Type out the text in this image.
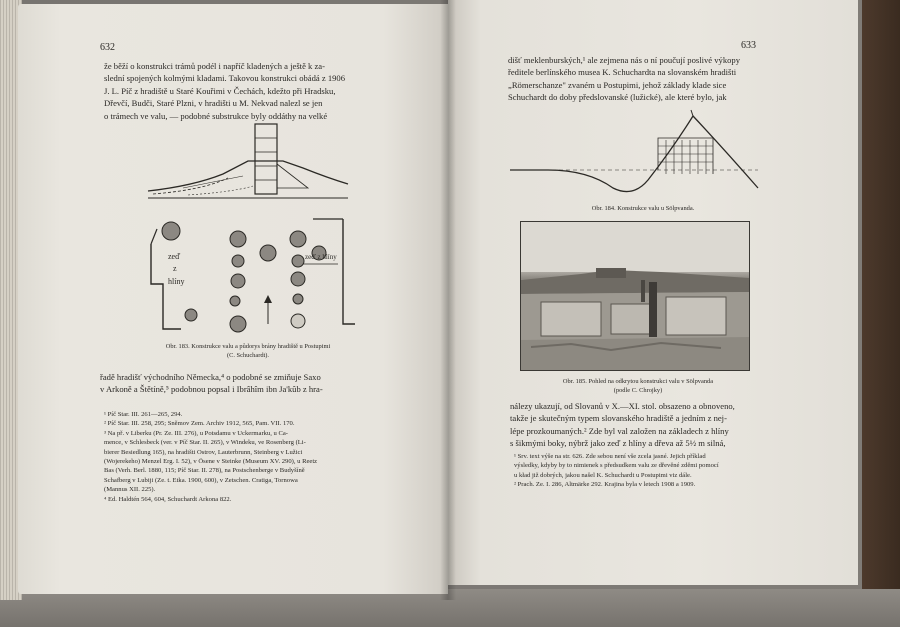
632
že běží o konstrukci trámů podél i napříč kladených a ještě k za-
slední spojených kolmými kladami. Takovou konstrukci obádá z 1906
J. L. Píč z hradiště u Staré Kouřimi v Čechách, kdežto při Hradsku,
Dřevčí, Budči, Staré Plzni, v hradišti u M. Nekvad nalezl se jen
o trámech ve valu, — podobné substrukce byly oddáthy na velké
zeď
z
hlíny
zeď z hlíny
Obr. 183. Konstrukce valu a půdorys brány hradiště u Postupimi
(C. Schuchardt).
řadě hradišť východního Německa,⁴ o podobné se zmiňuje Saxo
v Arkoně a Štětíně,⁵ podobnou popsal i Ibrâhîm ibn Ja'kûb z hra-
¹ Píč Star. III. 261—265, 294.
² Píč Star. III. 258, 295; Sněmov Zem. Archiv 1912, 565, Pam. VII. 170.
³ Na př. v Liberku (Pr. Ze. III. 276), u Potsdamu v Uckermarku, u Ca-
mence, v Schlesbeck (ver. v Píč Star. II. 265), v Windeku, ve Rosenberg (Li-
bierer Besiedlung 165), na hradišti Ostrov, Lauterbrunn, Steinberg v Lužici
(Wojerekeho) Menzel Erg. I. 52), v Ösene v Steinke (Museum XV. 290), u Reetz
Bas (Verh. Berl. 1880, 115; Píč Star. II. 278), na Postschenberge v Budyšíně
Schafberg v Lubiji (Ze. t. Etka. 1900, 600), v Zetschen. Cratiga, Tornowa
(Mannus XII. 225).
⁴ Ed. Haldtén 564, 604, Schuchardt Arkona 822.
633
dišť meklenburských,¹ ale zejmena nás o ní poučují poslivé výkopy
ředitele berlínského musea K. Schuchardta na slovanském hradišti
„Römerschanze" zvaném u Postupimi, jehož základy klade sice
Schuchardt do doby předslovanské (lužické), ale které bylo, jak
Obr. 184. Konstrukce valu u Sölpvanda.
Obr. 185. Pohled na odkrytou konstrukci valu v Sölpvanda
(podle C. Chrojky)
nálezy ukazují, od Slovanů v X.—XI. stol. obsazeno a obnoveno,
takže je skutečným typem slovanského hradiště a jedním z nej-
lépe prozkoumaných.² Zde byl val založen na základech z hlíny
s šikmými boky, nýbrž jako zeď z hlíny a dřeva až 5½ m silná,
¹ Srv. text výše na str. 626. Zde sebou není vše zcela jasné. Jejich příklad
výsledky, kdyby by to nimienek s předsudkem valu ze dřevěné zděmi pomocí
u kład již dobrých, jakou našel K. Schuchardt u Postupimi viz dále.
² Prach. Ze. I. 286, Altmärke 292. Krajina byla v letech 1908 a 1909.
